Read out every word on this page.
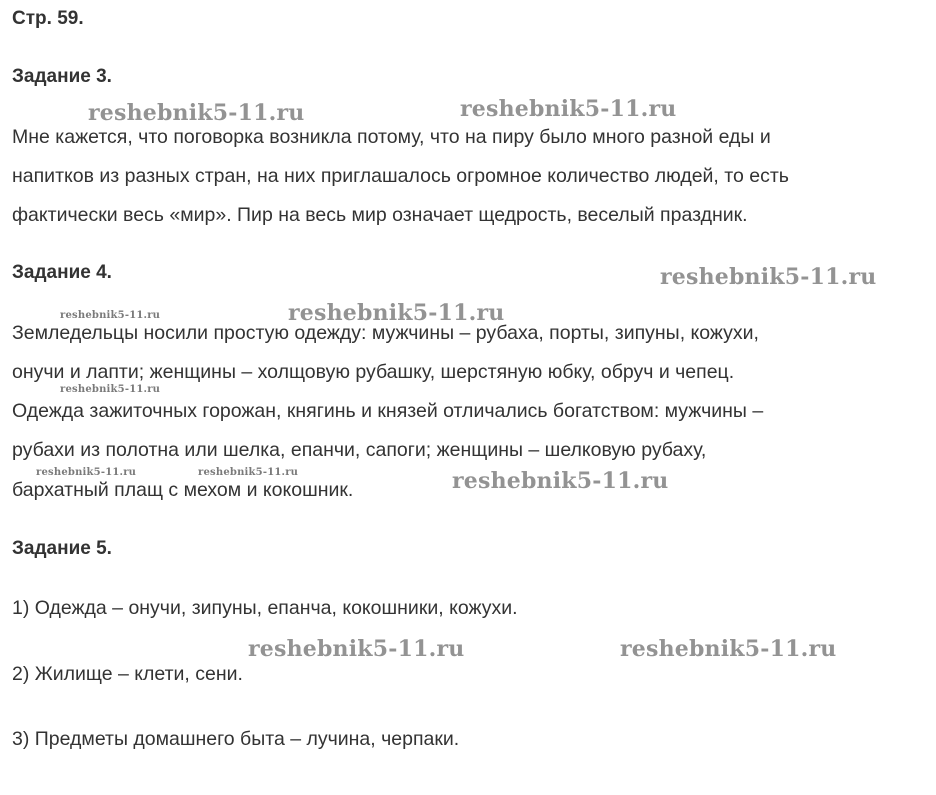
Стр. 59.
Задание 3.
Мне кажется, что поговорка возникла потому, что на пиру было много разной еды и
напитков из разных стран, на них приглашалось огромное количество людей, то есть
фактически весь «мир». Пир на весь мир означает щедрость, веселый праздник.
Задание 4.
Земледельцы носили простую одежду: мужчины – рубаха, порты, зипуны, кожухи,
онучи и лапти; женщины – холщовую рубашку, шерстяную юбку, обруч и чепец.
Одежда зажиточных горожан, княгинь и князей отличались богатством: мужчины –
рубахи из полотна или шелка, епанчи, сапоги; женщины – шелковую рубаху,
бархатный плащ с мехом и кокошник.
Задание 5.
1) Одежда – онучи, зипуны, епанча, кокошники, кожухи.
2) Жилище – клети, сени.
3) Предметы домашнего быта – лучина, черпаки.
reshebnik5-11.ru	reshebnik5-11.ru
reshebnik5-11.ru
reshebnik5-11.ru
reshebnik5-11.ru
reshebnik5-11.ru
reshebnik5-11.ru	reshebnik5-11.ru	reshebnik5-11.ru
reshebnik5-11.ru	reshebnik5-11.ru
